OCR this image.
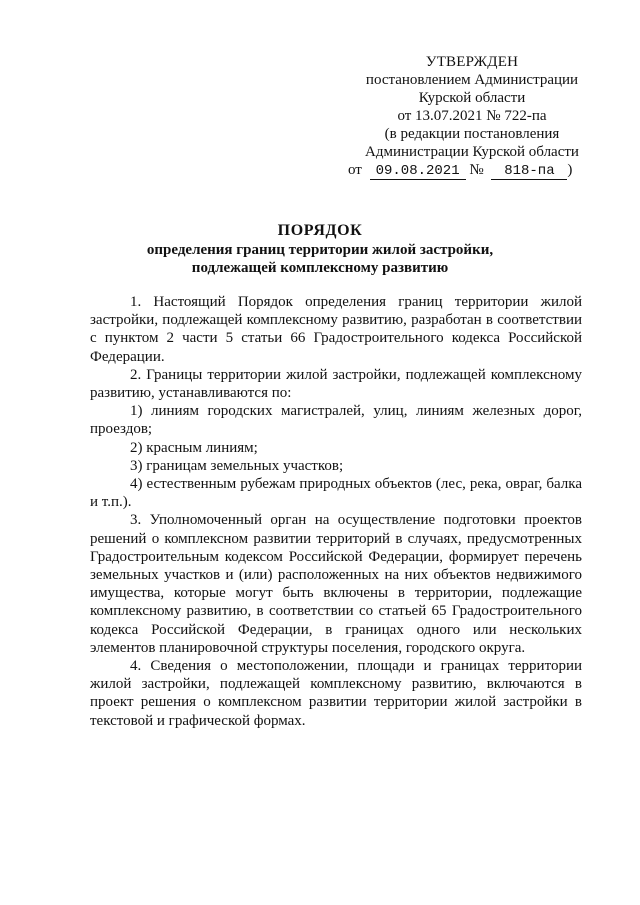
УТВЕРЖДЕН
постановлением Администрации
Курской области
от 13.07.2021 № 722-па
(в редакции постановления
Администрации Курской области
от 09.08.2021 № 818-па )
ПОРЯДОК
определения границ территории жилой застройки,
подлежащей комплексному развитию

1. Настоящий Порядок определения границ территории жилой застройки, подлежащей комплексному развитию, разработан в соответствии с пунктом 2 части 5 статьи 66 Градостроительного кодекса Российской Федерации.

2. Границы территории жилой застройки, подлежащей комплексному развитию, устанавливаются по:

1) линиям городских магистралей, улиц, линиям железных дорог, проездов;

2) красным линиям;

3) границам земельных участков;

4) естественным рубежам природных объектов (лес, река, овраг, балка и т.п.).

3. Уполномоченный орган на осуществление подготовки проектов решений о комплексном развитии территорий в случаях, предусмотренных Градостроительным кодексом Российской Федерации, формирует перечень земельных участков и (или) расположенных на них объектов недвижимого имущества, которые могут быть включены в территории, подлежащие комплексному развитию, в соответствии со статьей 65 Градостроительного кодекса Российской Федерации, в границах одного или нескольких элементов планировочной структуры поселения, городского округа.

4. Сведения о местоположении, площади и границах территории жилой застройки, подлежащей комплексному развитию, включаются в проект решения о комплексном развитии территории жилой застройки в текстовой и графической формах.
